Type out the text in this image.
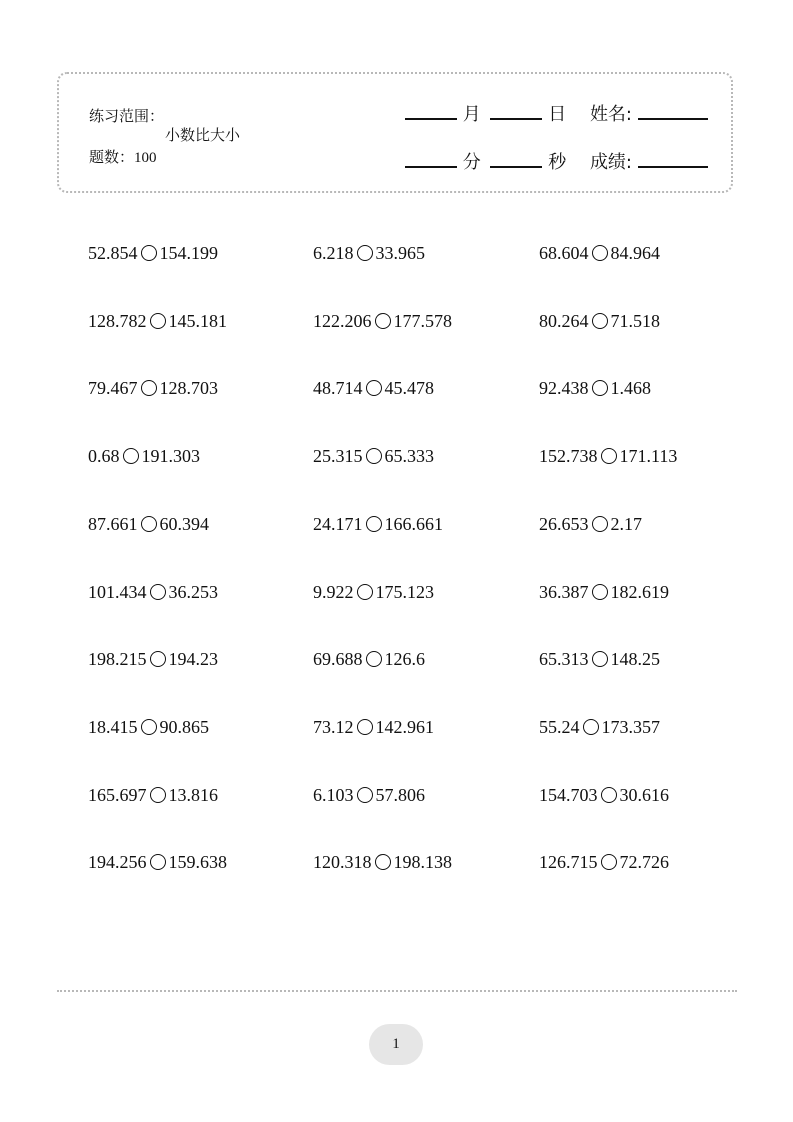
练习范围：
小数比大小
题数：100
月	日 姓名:
分	秒 成绩:
52.854 154.199	6.218 33.965	68.604 84.964
128.782 145.181	122.206 177.578	80.264 71.518
79.467 128.703	48.714 45.478	92.438 1.468
0.68 191.303	25.315 65.333	152.738 171.113
87.661 60.394	24.171 166.661	26.653 2.17
101.434 36.253	9.922 175.123	36.387 182.619
198.215 194.23	69.688 126.6	65.313 148.25
18.415 90.865	73.12 142.961	55.24 173.357
165.697 13.816	6.103 57.806	154.703 30.616
194.256 159.638	120.318 198.138	126.715 72.726
1
